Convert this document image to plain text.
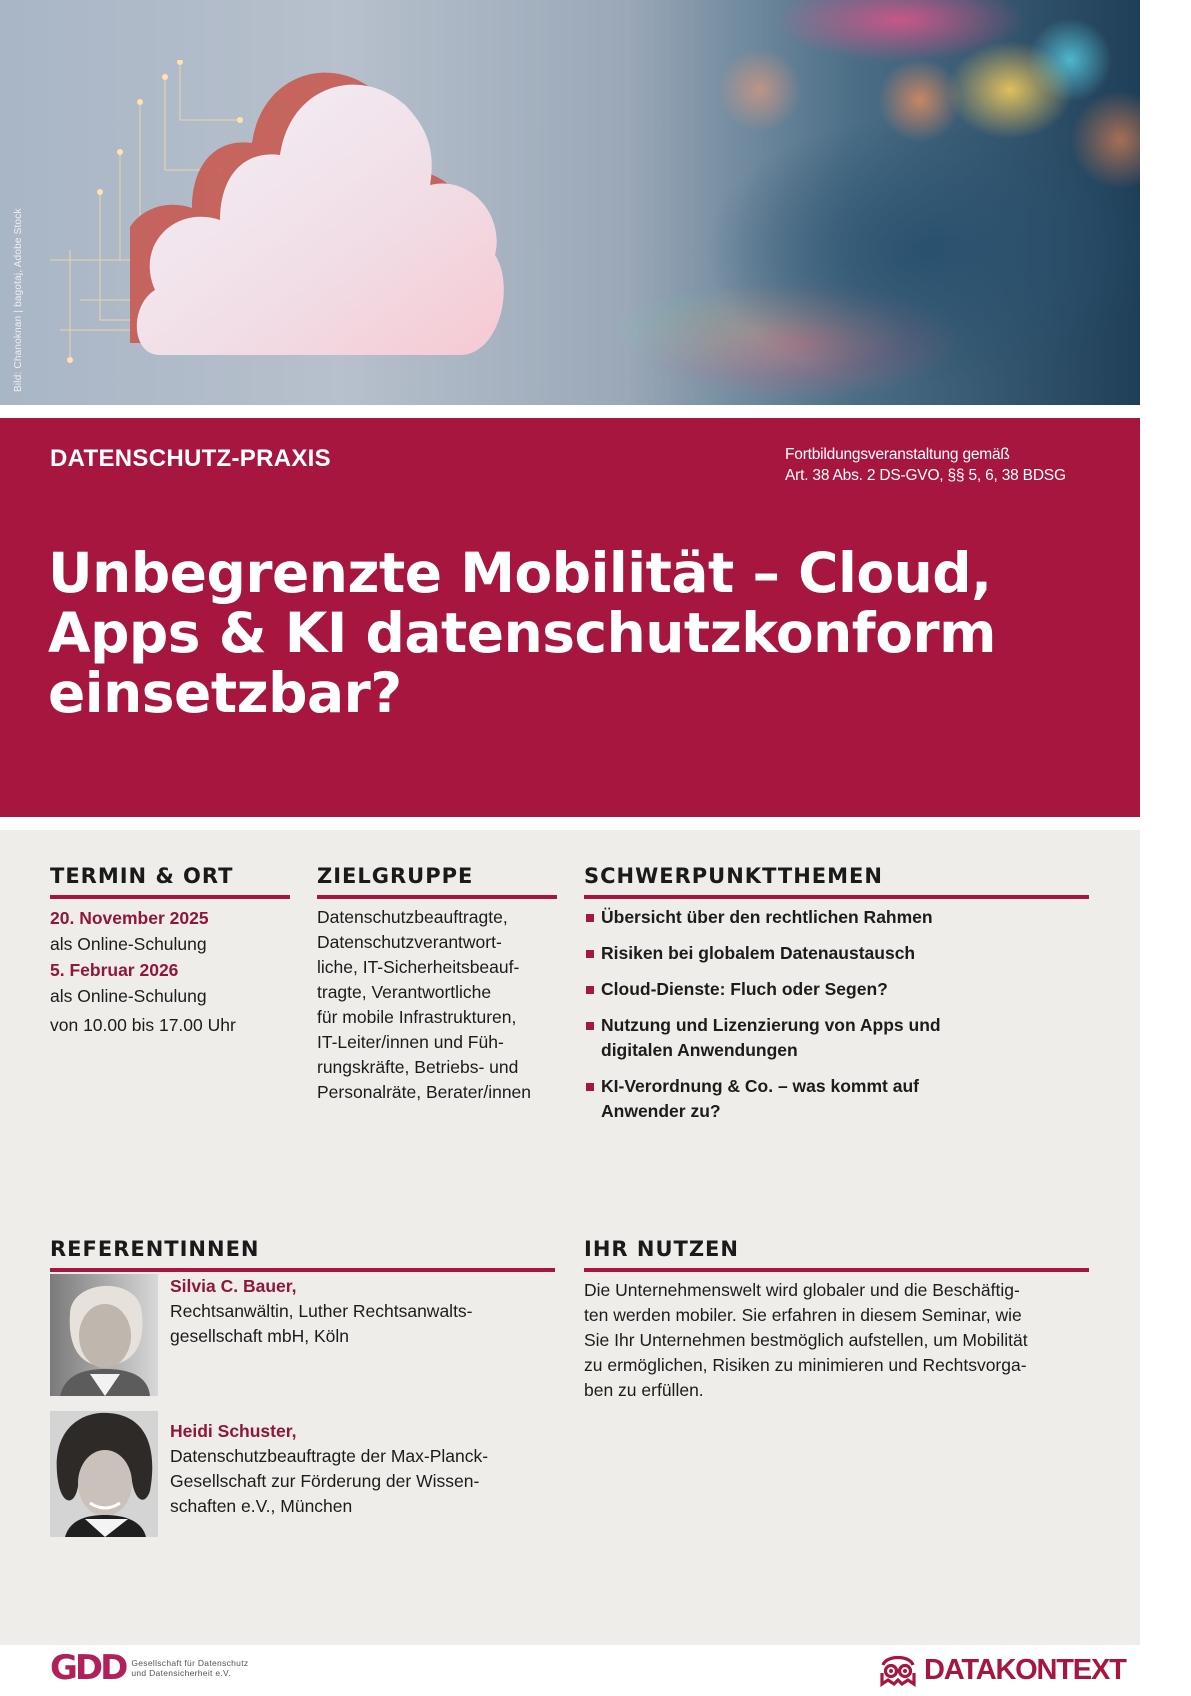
Bild: Chanoknan | bagotaj, Adobe Stock
DATENSCHUTZ-PRAXIS	Fortbildungsveranstaltung gemäß
Art. 38 Abs. 2 DS-GVO, §§ 5, 6, 38 BDSG
Unbegrenzte Mobilität – Cloud,
Apps & KI datenschutzkonform
einsetzbar?
TERMIN & ORT
20. November 2025
als Online-Schulung
5. Februar 2026
als Online-Schulung
von 10.00 bis 17.00 Uhr
ZIELGRUPPE
Datenschutzbeauftragte,
Datenschutzverantwort-
liche, IT-Sicherheitsbeauf-
tragte, Verantwortliche
für mobile Infrastrukturen,
IT-Leiter/innen und Füh-
rungskräfte, Betriebs- und
Personalräte, Berater/innen
SCHWERPUNKTTHEMEN
Übersicht über den rechtlichen Rahmen
Risiken bei globalem Datenaustausch
Cloud-Dienste: Fluch oder Segen?
Nutzung und Lizenzierung von Apps und
digitalen Anwendungen
KI-Verordnung & Co. – was kommt auf
Anwender zu?
REFERENTINNEN
Silvia C. Bauer,
Rechtsanwältin, Luther Rechtsanwalts-
gesellschaft mbH, Köln
Heidi Schuster,
Datenschutzbeauftragte der Max-Planck-
Gesellschaft zur Förderung der Wissen-
schaften e.V., München
IHR NUTZEN
Die Unternehmenswelt wird globaler und die Beschäftig-
ten werden mobiler. Sie erfahren in diesem Seminar, wie
Sie Ihr Unternehmen bestmöglich aufstellen, um Mobilität
zu ermöglichen, Risiken zu minimieren und Rechtsvorga-
ben zu erfüllen.
GDD Gesellschaft für Datenschutz
und Datensicherheit e.V.	DATAKONTEXT
